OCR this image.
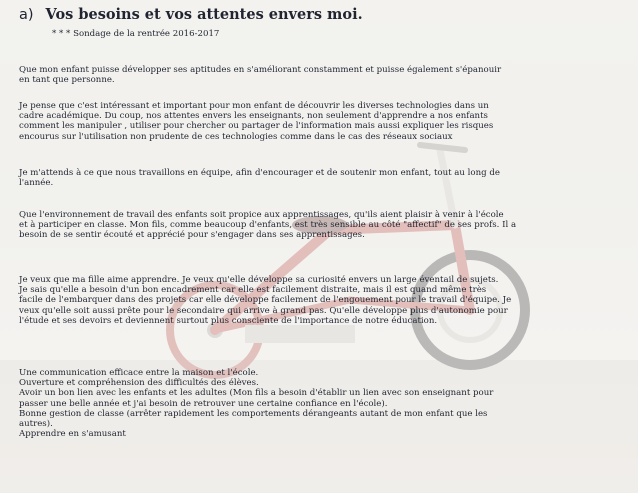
a) Vos besoins et vos attentes envers moi.
* * * Sondage de la rentrée 2016-2017
Que mon enfant puisse développer ses aptitudes en s'améliorant constamment et puisse également s'épanouir
en tant que personne.
Je pense que c'est intéressant et important pour mon enfant de découvrir les diverses technologies dans un
cadre académique. Du coup, nos attentes envers les enseignants, non seulement d'apprendre a nos enfants
comment les manipuler , utiliser pour chercher ou partager de l'information mais aussi expliquer les risques
encourus sur l'utilisation non prudente de ces technologies comme dans le cas des réseaux sociaux
Je m'attends à ce que nous travaillons en équipe, afin d'encourager et de soutenir mon enfant, tout au long de
l'année.
Que l'environnement de travail des enfants soit propice aux apprentissages, qu'ils aient plaisir à venir à l'école
et à participer en classe. Mon fils, comme beaucoup d'enfants, est très sensible au côté "affectif" de ses profs. Il a
besoin de se sentir écouté et apprécié pour s'engager dans ses apprentissages.
Je veux que ma fille aime apprendre. Je veux qu'elle développe sa curiosité envers un large éventail de sujets.
Je sais qu'elle a besoin d'un bon encadrement car elle est facilement distraite, mais il est quand même très
facile de l'embarquer dans des projets car elle développe facilement de l'engouement pour le travail d'équipe. Je
veux qu'elle soit aussi prête pour le secondaire qui arrive à grand pas. Qu'elle développe plus d'autonomie pour
l'étude et ses devoirs et deviennent surtout plus consciente de l'importance de notre éducation.
Une communication efficace entre la maison et l'école.
Ouverture et compréhension des difficultés des élèves.
Avoir un bon lien avec les enfants et les adultes (Mon fils a besoin d'établir un lien avec son enseignant pour
passer une belle année et j'ai besoin de retrouver une certaine confiance en l'école).
Bonne gestion de classe (arrêter rapidement les comportements dérangeants autant de mon enfant que les
autres).
Apprendre en s'amusant
